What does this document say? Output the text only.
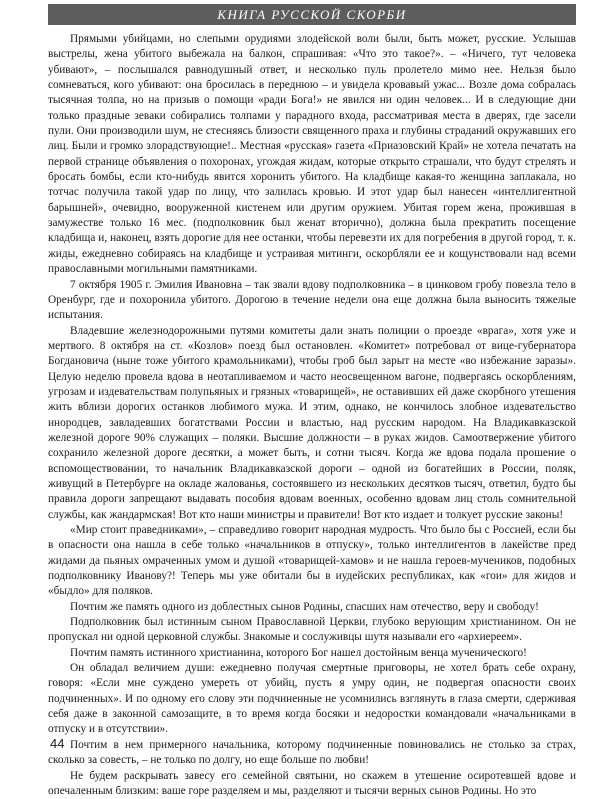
КНИГА РУССКОЙ СКОРБИ

Прямыми убийцами, но слепыми орудиями злодейской воли были, быть может, русские. Услышав выстрелы, жена убитого выбежала на балкон, спрашивая: «Что это такое?». – «Ничего, тут человека убивают», – послышался равнодушный ответ, и несколько пуль пролетело мимо нее. Нельзя было сомневаться, кого убивают: она бросилась в переднюю – и увидела кровавый ужас... Возле дома собралась тысячная толпа, но на призыв о помощи «ради Бога!» не явился ни один человек... И в следующие дни только праздные зеваки собирались толпами у парадного входа, рассматривая места в дверях, где засели пули. Они производили шум, не стесняясь близости священного праха и глубины страданий окружавших его лиц. Были и громко злорадствующие!.. Местная «русская» газета «Приазовский Край» не хотела печатать на первой странице объявления о похоронах, угождая жидам, которые открыто страшали, что будут стрелять и бросать бомбы, если кто-нибудь явится хоронить убитого. На кладбище какая-то женщина заплакала, но тотчас получила такой удар по лицу, что залилась кровью. И этот удар был нанесен «интеллигентной барышней», очевидно, вооруженной кистенем или другим оружием. Убитая горем жена, прожившая в замужестве только 16 мес. (подполковник был женат вторично), должна была прекратить посещение кладбища и, наконец, взять дорогие для нее останки, чтобы перевезти их для погребения в другой город, т. к. жиды, ежедневно собираясь на кладбище и устраивая митинги, оскорбляли ее и кощунствовали над всеми православными могильными памятниками.

7 октября 1905 г. Эмилия Ивановна – так звали вдову подполковника – в цинковом гробу повезла тело в Оренбург, где и похоронила убитого. Дорогою в течение недели она еще должна была выносить тяжелые испытания.

Владевшие железнодорожными путями комитеты дали знать полиции о проезде «врага», хотя уже и мертвого. 8 октября на ст. «Козлов» поезд был остановлен. «Комитет» потребовал от вице-губернатора Богдановича (ныне тоже убитого крамольниками), чтобы гроб был зарыт на месте «во избежание заразы». Целую неделю провела вдова в неотапливаемом и часто неосвещенном вагоне, подвергаясь оскорблениям, угрозам и издевательствам полупьяных и грязных «товарищей», не оставивших ей даже скорбного утешения жить вблизи дорогих останков любимого мужа. И этим, однако, не кончилось злобное издевательство инородцев, завладевших богатствами России и властью, над русским народом. На Владикавказской железной дороге 90% служащих – поляки. Высшие должности – в руках жидов. Самоотвержение убитого сохранило железной дороге десятки, а может быть, и сотни тысяч. Когда же вдова подала прошение о вспомоществовании, то начальник Владикавказской дороги – одной из богатейших в России, поляк, живущий в Петербурге на окладе жалованья, состоявшего из нескольких десятков тысяч, ответил, будто бы правила дороги запрещают выдавать пособия вдовам военных, особенно вдовам лиц столь сомнительной службы, как жандармская! Вот кто наши министры и правители! Вот кто издает и толкует русские законы!

«Мир стоит праведниками», – справедливо говорит народная мудрость. Что было бы с Россией, если бы в опасности она нашла в себе только «начальников в отпуску», только интеллигентов в лакействе пред жидами да пьяных омраченных умом и душой «товарищей-хамов» и не нашла героев-мучеников, подобных подполковнику Иванову?! Теперь мы уже обитали бы в иудейских республиках, как «гои» для жидов и «быдло» для поляков.

Почтим же память одного из доблестных сынов Родины, спасших нам отечество, веру и свободу!

Подполковник был истинным сыном Православной Церкви, глубоко верующим христианином. Он не пропускал ни одной церковной службы. Знакомые и сослуживцы шутя называли его «архиереем».

Почтим память истинного христианина, которого Бог нашел достойным венца мученического!

Он обладал величием души: ежедневно получая смертные приговоры, не хотел брать себе охрану, говоря: «Если мне суждено умереть от убийц, пусть я умру один, не подвергая опасности своих подчиненных». И по одному его слову эти подчиненные не усомнились взглянуть в глаза смерти, сдерживая себя даже в законной самозащите, в то время когда босяки и недоростки командовали «начальниками в отпуску и в отсутствии».

Почтим в нем примерного начальника, которому подчиненные повиновались не столько за страх, сколько за совесть, – не только по долгу, но еще больше по любви!

Не будем раскрывать завесу его семейной святыни, но скажем в утешение осиротевшей вдове и опечаленным близким: ваше горе разделяем и мы, разделяют и тысячи верных сынов Родины. Но это

44
